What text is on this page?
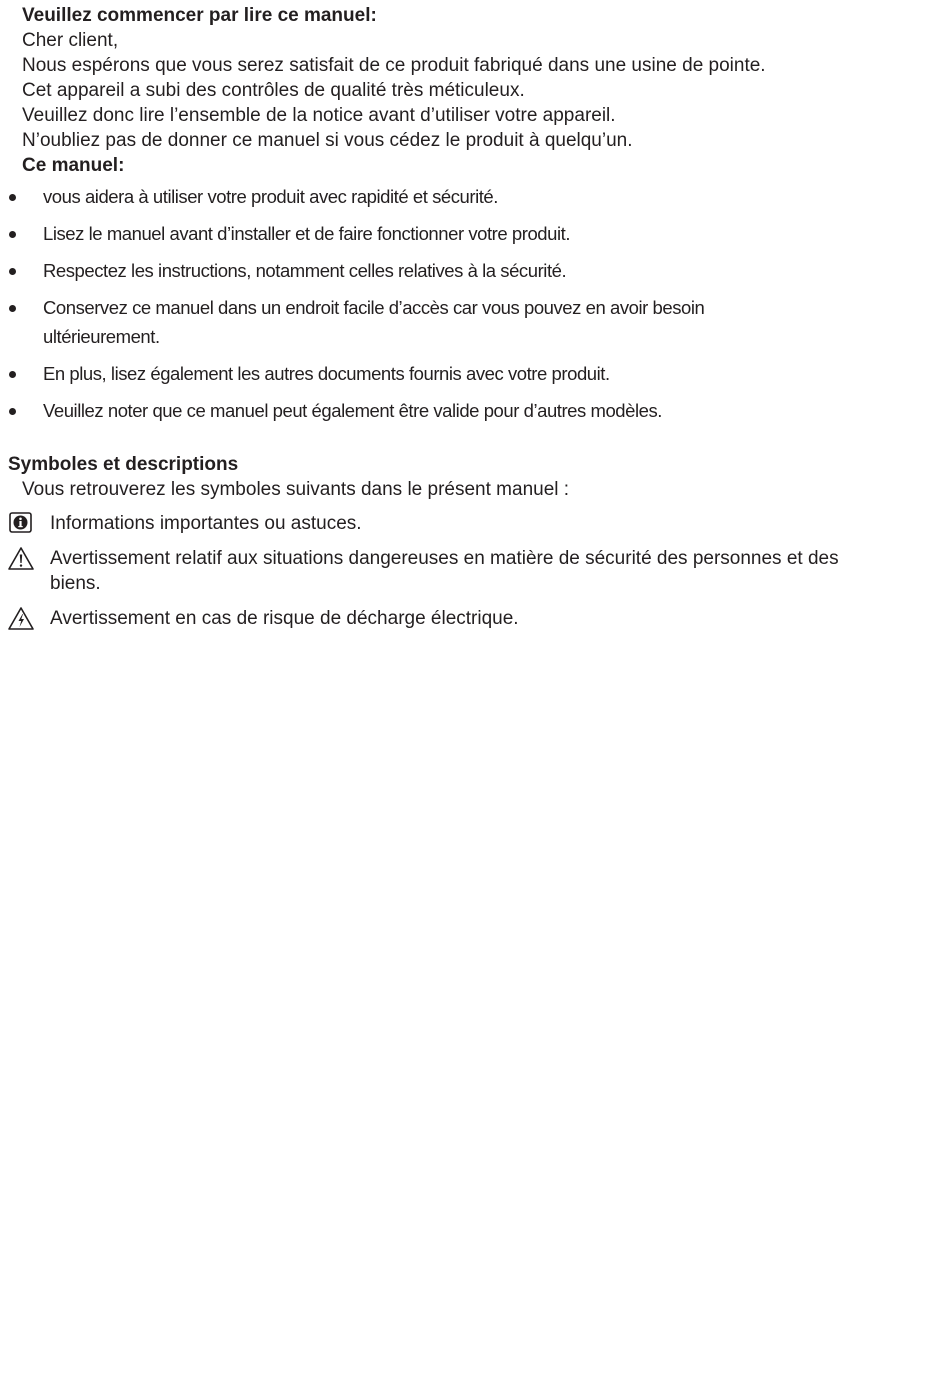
Veuillez commencer par lire ce manuel:
Cher client,
Nous espérons que vous serez satisfait de ce produit fabriqué dans une usine de pointe.
Cet appareil a subi des contrôles de qualité très méticuleux.
Veuillez donc lire l’ensemble de la notice avant d’utiliser votre appareil.
N’oubliez pas de donner ce manuel si vous cédez le produit à quelqu’un.
Ce manuel:
vous aidera à utiliser votre produit avec rapidité et sécurité.
Lisez le manuel avant d’installer et de faire fonctionner votre produit.
Respectez les instructions, notamment celles relatives à la sécurité.
Conservez ce manuel dans un endroit facile d’accès car vous pouvez en avoir besoin ultérieurement.
En plus, lisez également les autres documents fournis avec votre produit.
Veuillez noter que ce manuel peut également être valide pour d’autres modèles.
Symboles et descriptions
Vous retrouverez les symboles suivants dans le présent manuel :
Informations importantes ou astuces.
Avertissement relatif aux situations dangereuses en matière de sécurité des personnes et des biens.
Avertissement en cas de risque de décharge électrique.
